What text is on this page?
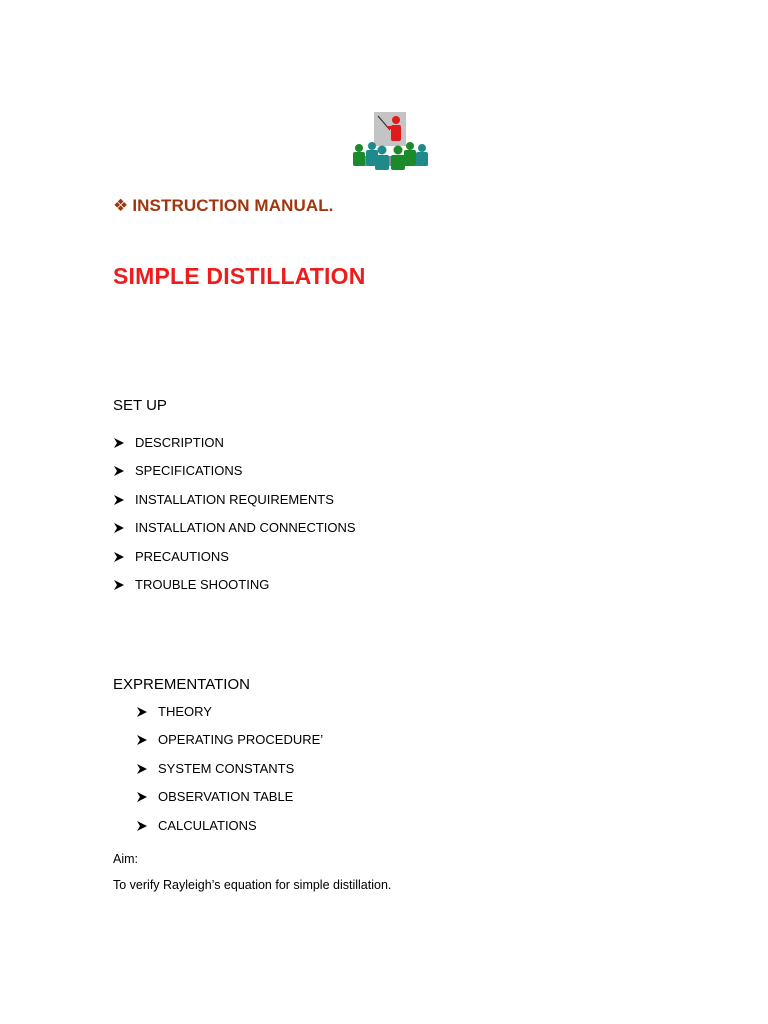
❖ INSTRUCTION MANUAL.
SIMPLE DISTILLATION
SET UP
DESCRIPTION
SPECIFICATIONS
INSTALLATION REQUIREMENTS
INSTALLATION AND CONNECTIONS
PRECAUTIONS
TROUBLE SHOOTING
EXPREMENTATION
THEORY
OPERATING PROCEDURE’
SYSTEM CONSTANTS
OBSERVATION TABLE
CALCULATIONS
Aim:
To verify Rayleigh’s equation for simple distillation.
